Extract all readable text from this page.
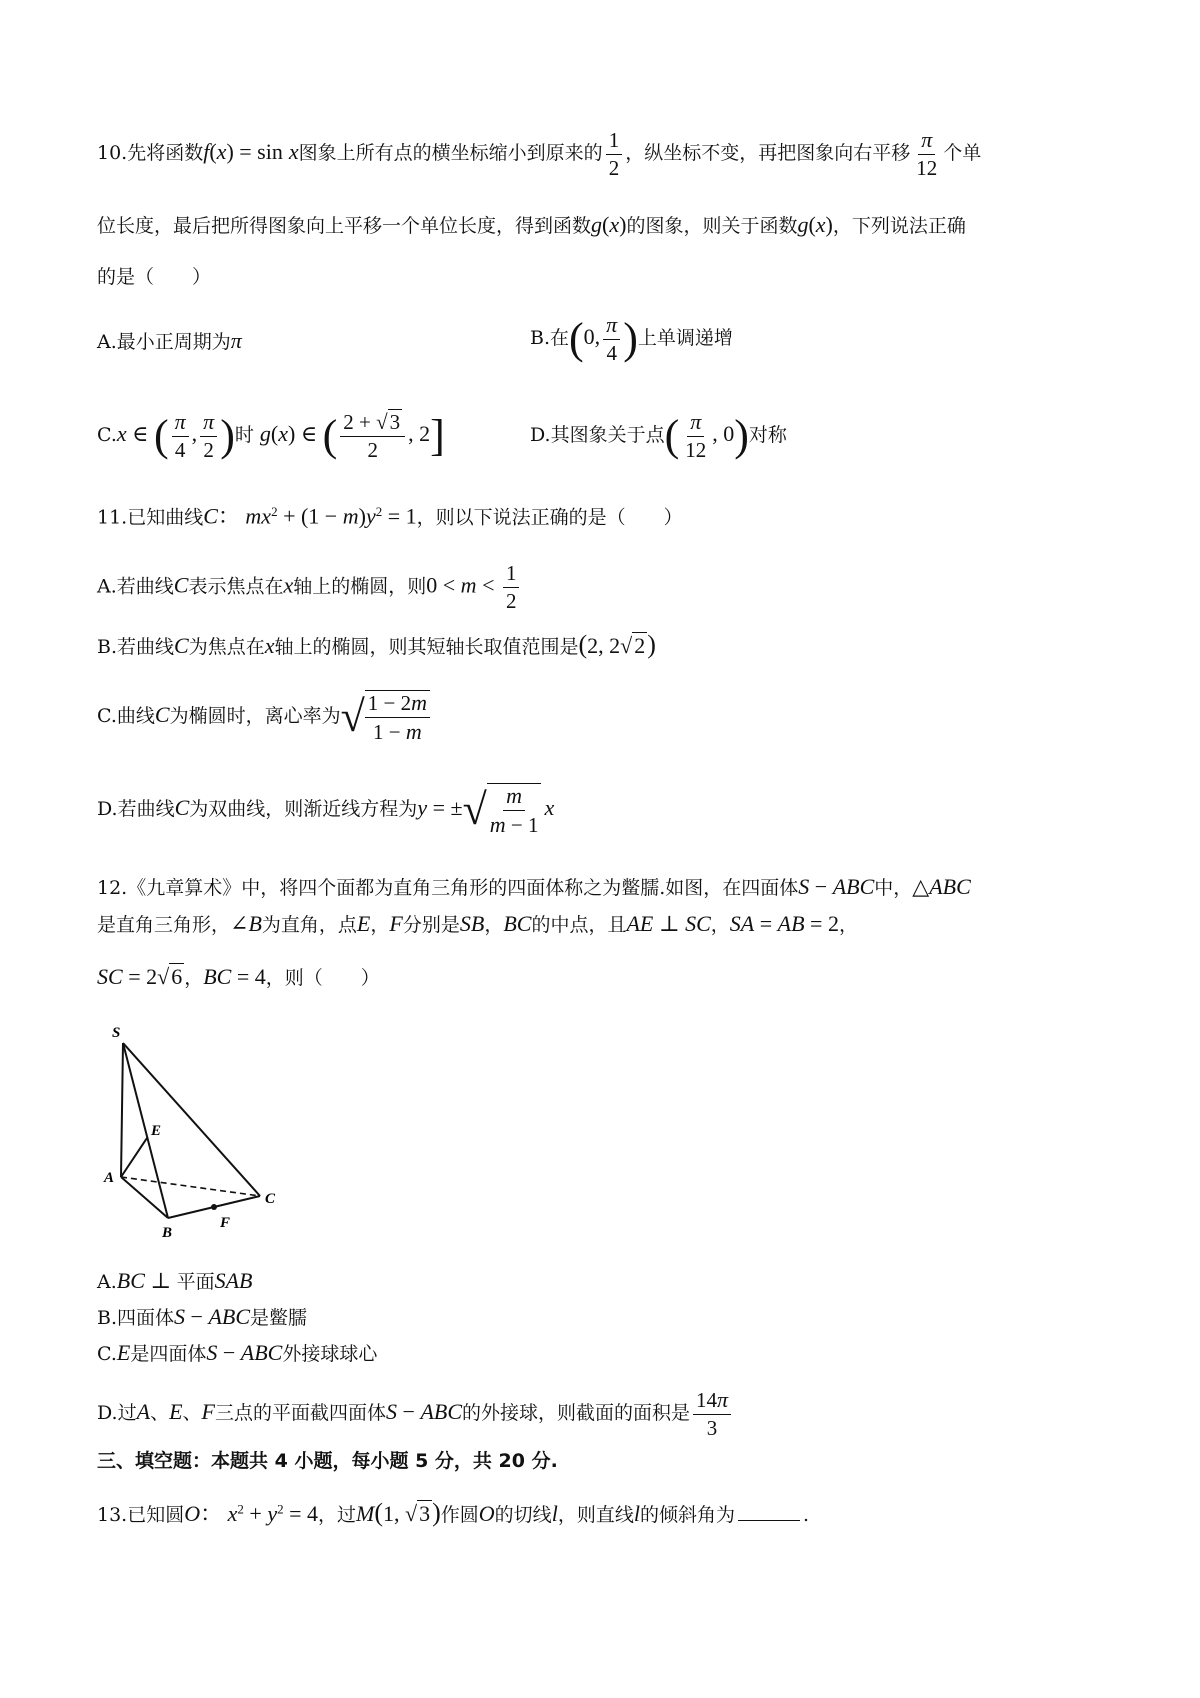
10.先将函数f(x) = sin x图象上所有点的横坐标缩小到原来的 $\frac{1}{2}$ ，纵坐标不变，再把图象向右平移 $\frac{\pi}{12}$ 个单
位长度，最后把所得图象向上平移一个单位长度，得到函数g(x)的图象，则关于函数g(x)，下列说法正确
的是（　　）
A.最小正周期为π	B.在(0, $\frac{\pi}{4}$ )上单调递增
C.x ∈ ( $\frac{\pi}{4}$ , $\frac{\pi}{2}$ )时 g(x) ∈ ( $\frac{2 + √3}{2}$ , 2]	D.其图象关于点( $\frac{\pi}{12}$ , 0)对称
11.已知曲线C： $mx^2 + (1 - m)y^2 = 1$，则以下说法正确的是（　　）
A.若曲线C表示焦点在x轴上的椭圆，则$0 < m < \frac{1}{2}$
B.若曲线C为焦点在x轴上的椭圆，则其短轴长取值范围是(2, 2√2)
C.曲线C为椭圆时，离心率为√ $\frac{1 - 2m}{1 - m}$
D.若曲线C为双曲线，则渐近线方程为y = ±√ $\frac{m}{m - 1}$ x
12.《九章算术》中，将四个面都为直角三角形的四面体称之为鳖臑.如图，在四面体S − ABC中，△ABC
是直角三角形，∠B为直角，点E，F分别是SB，BC的中点，且AE ⊥ SC，SA = AB = 2，
SC = 2√6 ，BC = 4，则（　　）
S
E
A
C
B
F
A.BC ⊥ 平面SAB
B.四面体S − ABC是鳖臑
C.E是四面体S − ABC外接球球心
D.过A、E、F三点的平面截四面体S − ABC的外接球，则截面的面积是 $\frac{14\pi}{3}$
三、填空题：本题共 4 小题，每小题 5 分，共 20 分.
13.已知圆O： $x^2 + y^2 = 4$，过M(1, √3)作圆O的切线l，则直线l的倾斜角为	.
